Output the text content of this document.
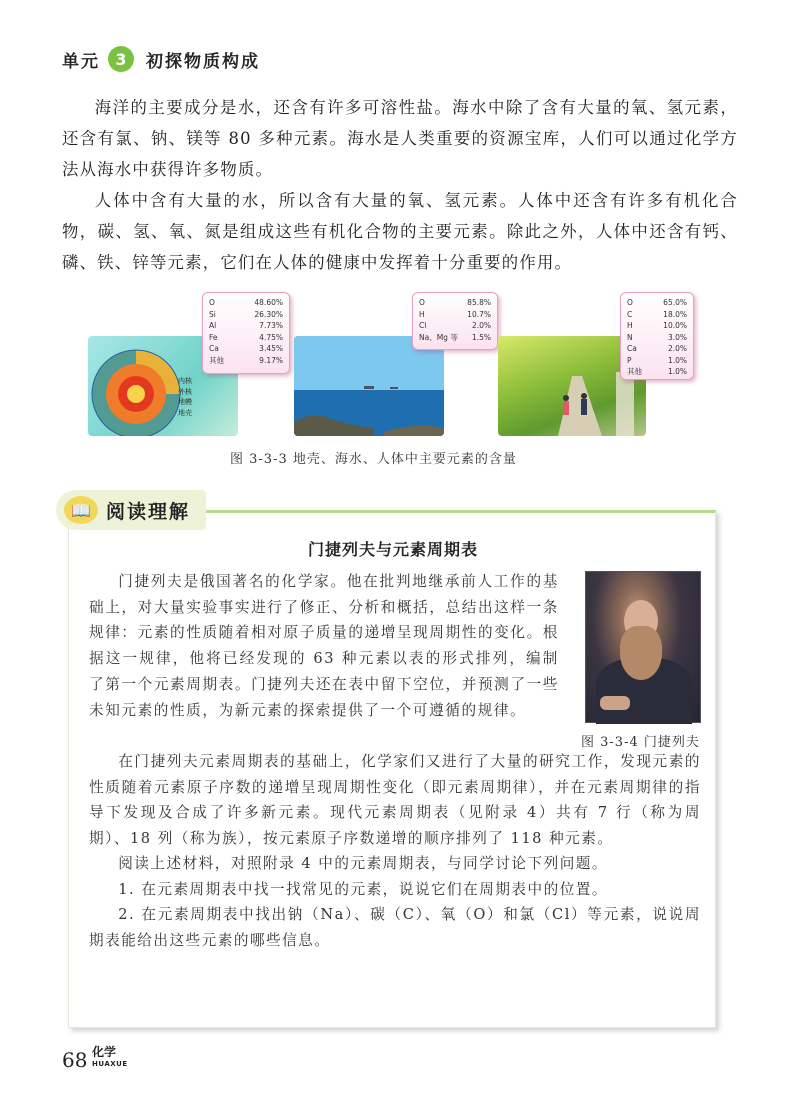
单元 3	初探物质构成

海洋的主要成分是水，还含有许多可溶性盐。海水中除了含有大量的氧、氢元素，还含有氯、钠、镁等 80 多种元素。海水是人类重要的资源宝库，人们可以通过化学方法从海水中获得许多物质。

人体中含有大量的水，所以含有大量的氧、氢元素。人体中还含有许多有机化合物，碳、氢、氧、氮是组成这些有机化合物的主要元素。除此之外，人体中还含有钙、磷、铁、锌等元素，它们在人体的健康中发挥着十分重要的作用。

内核
外核
地幔
地壳
O	48.60%
Si	26.30%
Al	7.73%
Fe	4.75%
Ca	3.45%
其他	9.17%
O	85.8%
H	10.7%
Cl	2.0%
Na、Mg 等 1.5%
O	65.0%
C	18.0%
H	10.0%
N	3.0%
Ca	2.0%
P	1.0%
其他	1.0%
图 3-3-3 地壳、海水、人体中主要元素的含量
门捷列夫与元素周期表

门捷列夫是俄国著名的化学家。他在批判地继承前人工作的基础上，对大量实验事实进行了修正、分析和概括，总结出这样一条规律：元素的性质随着相对原子质量的递增呈现周期性的变化。根据这一规律，他将已经发现的 63 种元素以表的形式排列，编制了第一个元素周期表。门捷列夫还在表中留下空位，并预测了一些未知元素的性质，为新元素的探索提供了一个可遵循的规律。

图 3-3-4 门捷列夫

在门捷列夫元素周期表的基础上，化学家们又进行了大量的研究工作，发现元素的性质随着元素原子序数的递增呈现周期性变化（即元素周期律），并在元素周期律的指导下发现及合成了许多新元素。现代元素周期表（见附录 4）共有 7 行（称为周期）、18 列（称为族），按元素原子序数递增的顺序排列了 118 种元素。

阅读上述材料，对照附录 4 中的元素周期表，与同学讨论下列问题。

1. 在元素周期表中找一找常见的元素，说说它们在周期表中的位置。

2. 在元素周期表中找出钠（Na）、碳（C）、氧（O）和氯（Cl）等元素，说说周期表能给出这些元素的哪些信息。

📖 阅读理解
68 化学
HUAXUE
